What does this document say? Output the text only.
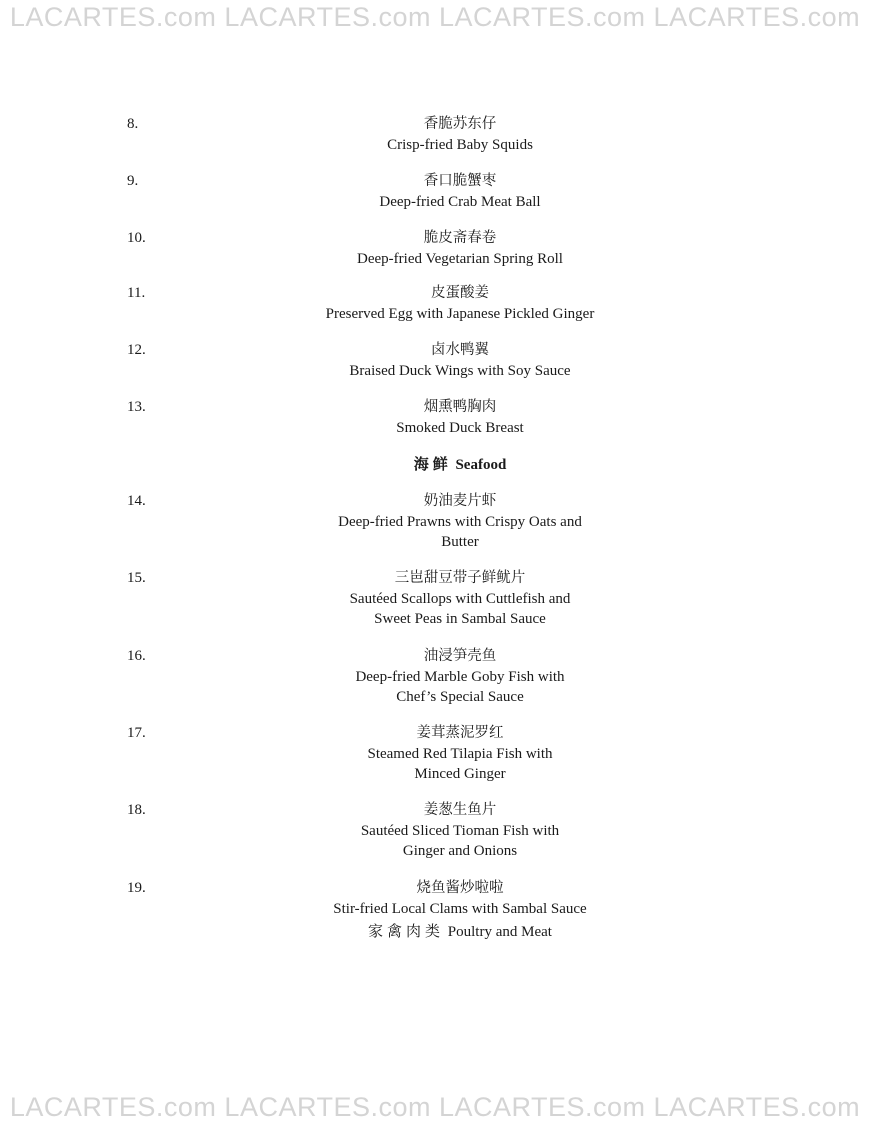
LACARTES.com LACARTES.com LACARTES.com LACARTES.com
8.	香脆苏东仔
Crisp-fried Baby Squids
9.	香口脆蟹枣
Deep-fried Crab Meat Ball
10.	脆皮斋春卷
Deep-fried Vegetarian Spring Roll
11.	皮蛋酸姜
Preserved Egg with Japanese Pickled Ginger
12.	卤水鸭翼
Braised Duck Wings with Soy Sauce
13.	烟熏鸭胸肉
Smoked Duck Breast
海鲜 Seafood
14.	奶油麦片虾
Deep-fried Prawns with Crispy Oats and
Butter
15.	三岜甜豆带子鲜鱿片
Sautéed Scallops with Cuttlefish and
Sweet Peas in Sambal Sauce
16.	油浸笋壳鱼
Deep-fried Marble Goby Fish with
Chef’s Special Sauce
17.	姜茸蒸泥罗红
Steamed Red Tilapia Fish with
Minced Ginger
18.	姜葱生鱼片
Sautéed Sliced Tioman Fish with
Ginger and Onions
19.	烧鱼酱炒啦啦
Stir-fried Local Clams with Sambal Sauce
家禽肉类 Poultry and Meat
LACARTES.com LACARTES.com LACARTES.com LACARTES.com
